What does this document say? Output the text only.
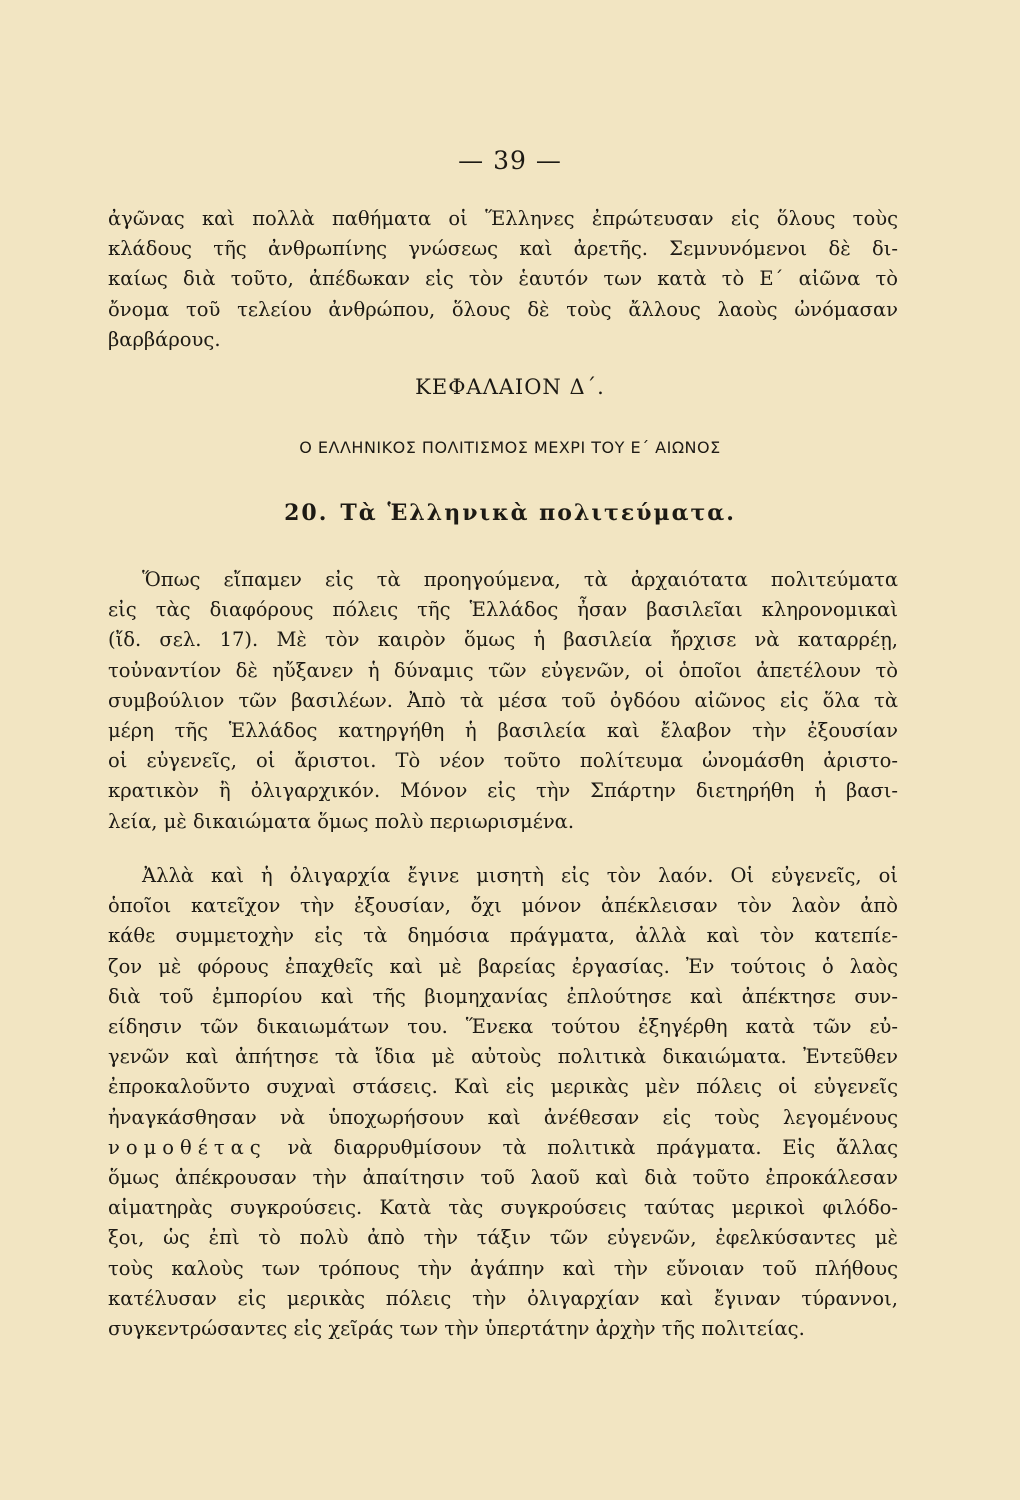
— 39 —
ἀγῶνας καὶ πολλὰ παθήματα οἱ Ἕλληνες ἐπρώτευσαν εἰς ὅλους τοὺς
κλάδους τῆς ἀνθρωπίνης γνώσεως καὶ ἀρετῆς. Σεμνυνόμενοι δὲ δι-
καίως διὰ τοῦτο, ἀπέδωκαν εἰς τὸν ἑαυτόν των κατὰ τὸ Ε΄ αἰῶνα τὸ
ὄνομα τοῦ τελείου ἀνθρώπου, ὅλους δὲ τοὺς ἄλλους λαοὺς ὠνόμασαν
βαρβάρους.
ΚΕΦΑΛΑΙΟΝ Δ΄.
Ο ΕΛΛΗΝΙΚΟΣ ΠΟΛΙΤΙΣΜΟΣ ΜΕΧΡΙ ΤΟΥ Ε΄ ΑΙΩΝΟΣ
20. Τὰ Ἑλληνικὰ πολιτεύματα.
Ὅπως εἴπαμεν εἰς τὰ προηγούμενα, τὰ ἀρχαιότατα πολιτεύματα
εἰς τὰς διαφόρους πόλεις τῆς Ἑλλάδος ἦσαν βασιλεῖαι κληρονομικαὶ
(ἴδ. σελ. 17). Μὲ τὸν καιρὸν ὅμως ἡ βασιλεία ἤρχισε νὰ καταρρέῃ,
τοὐναντίον δὲ ηὔξανεν ἡ δύναμις τῶν εὐγενῶν, οἱ ὁποῖοι ἀπετέλουν τὸ
συμβούλιον τῶν βασιλέων. Ἀπὸ τὰ μέσα τοῦ ὀγδόου αἰῶνος εἰς ὅλα τὰ
μέρη τῆς Ἑλλάδος κατηργήθη ἡ βασιλεία καὶ ἔλαβον τὴν ἐξουσίαν
οἱ εὐγενεῖς, οἱ ἄριστοι. Τὸ νέον τοῦτο πολίτευμα ὠνομάσθη ἀριστο-
κρατικὸν ἢ ὀλιγαρχικόν. Μόνον εἰς τὴν Σπάρτην διετηρήθη ἡ βασι-
λεία, μὲ δικαιώματα ὅμως πολὺ περιωρισμένα.
Ἀλλὰ καὶ ἡ ὀλιγαρχία ἔγινε μισητὴ εἰς τὸν λαόν. Οἱ εὐγενεῖς, οἱ
ὁποῖοι κατεῖχον τὴν ἐξουσίαν, ὄχι μόνον ἀπέκλεισαν τὸν λαὸν ἀπὸ
κάθε συμμετοχὴν εἰς τὰ δημόσια πράγματα, ἀλλὰ καὶ τὸν κατεπίε-
ζον μὲ φόρους ἐπαχθεῖς καὶ μὲ βαρείας ἐργασίας. Ἐν τούτοις ὁ λαὸς
διὰ τοῦ ἐμπορίου καὶ τῆς βιομηχανίας ἐπλούτησε καὶ ἀπέκτησε συν-
είδησιν τῶν δικαιωμάτων του. Ἕνεκα τούτου ἐξηγέρθη κατὰ τῶν εὐ-
γενῶν καὶ ἀπήτησε τὰ ἴδια μὲ αὐτοὺς πολιτικὰ δικαιώματα. Ἐντεῦθεν
ἐπροκαλοῦντο συχναὶ στάσεις. Καὶ εἰς μερικὰς μὲν πόλεις οἱ εὐγενεῖς
ἠναγκάσθησαν νὰ ὑποχωρήσουν καὶ ἀνέθεσαν εἰς τοὺς λεγομένους
νομοθέτας νὰ διαρρυθμίσουν τὰ πολιτικὰ πράγματα. Εἰς ἄλλας
ὅμως ἀπέκρουσαν τὴν ἀπαίτησιν τοῦ λαοῦ καὶ διὰ τοῦτο ἐπροκάλεσαν
αἱματηρὰς συγκρούσεις. Κατὰ τὰς συγκρούσεις ταύτας μερικοὶ φιλόδο-
ξοι, ὡς ἐπὶ τὸ πολὺ ἀπὸ τὴν τάξιν τῶν εὐγενῶν, ἐφελκύσαντες μὲ
τοὺς καλοὺς των τρόπους τὴν ἀγάπην καὶ τὴν εὔνοιαν τοῦ πλήθους
κατέλυσαν εἰς μερικὰς πόλεις τὴν ὀλιγαρχίαν καὶ ἔγιναν τύραννοι,
συγκεντρώσαντες εἰς χεῖράς των τὴν ὑπερτάτην ἀρχὴν τῆς πολιτείας.
